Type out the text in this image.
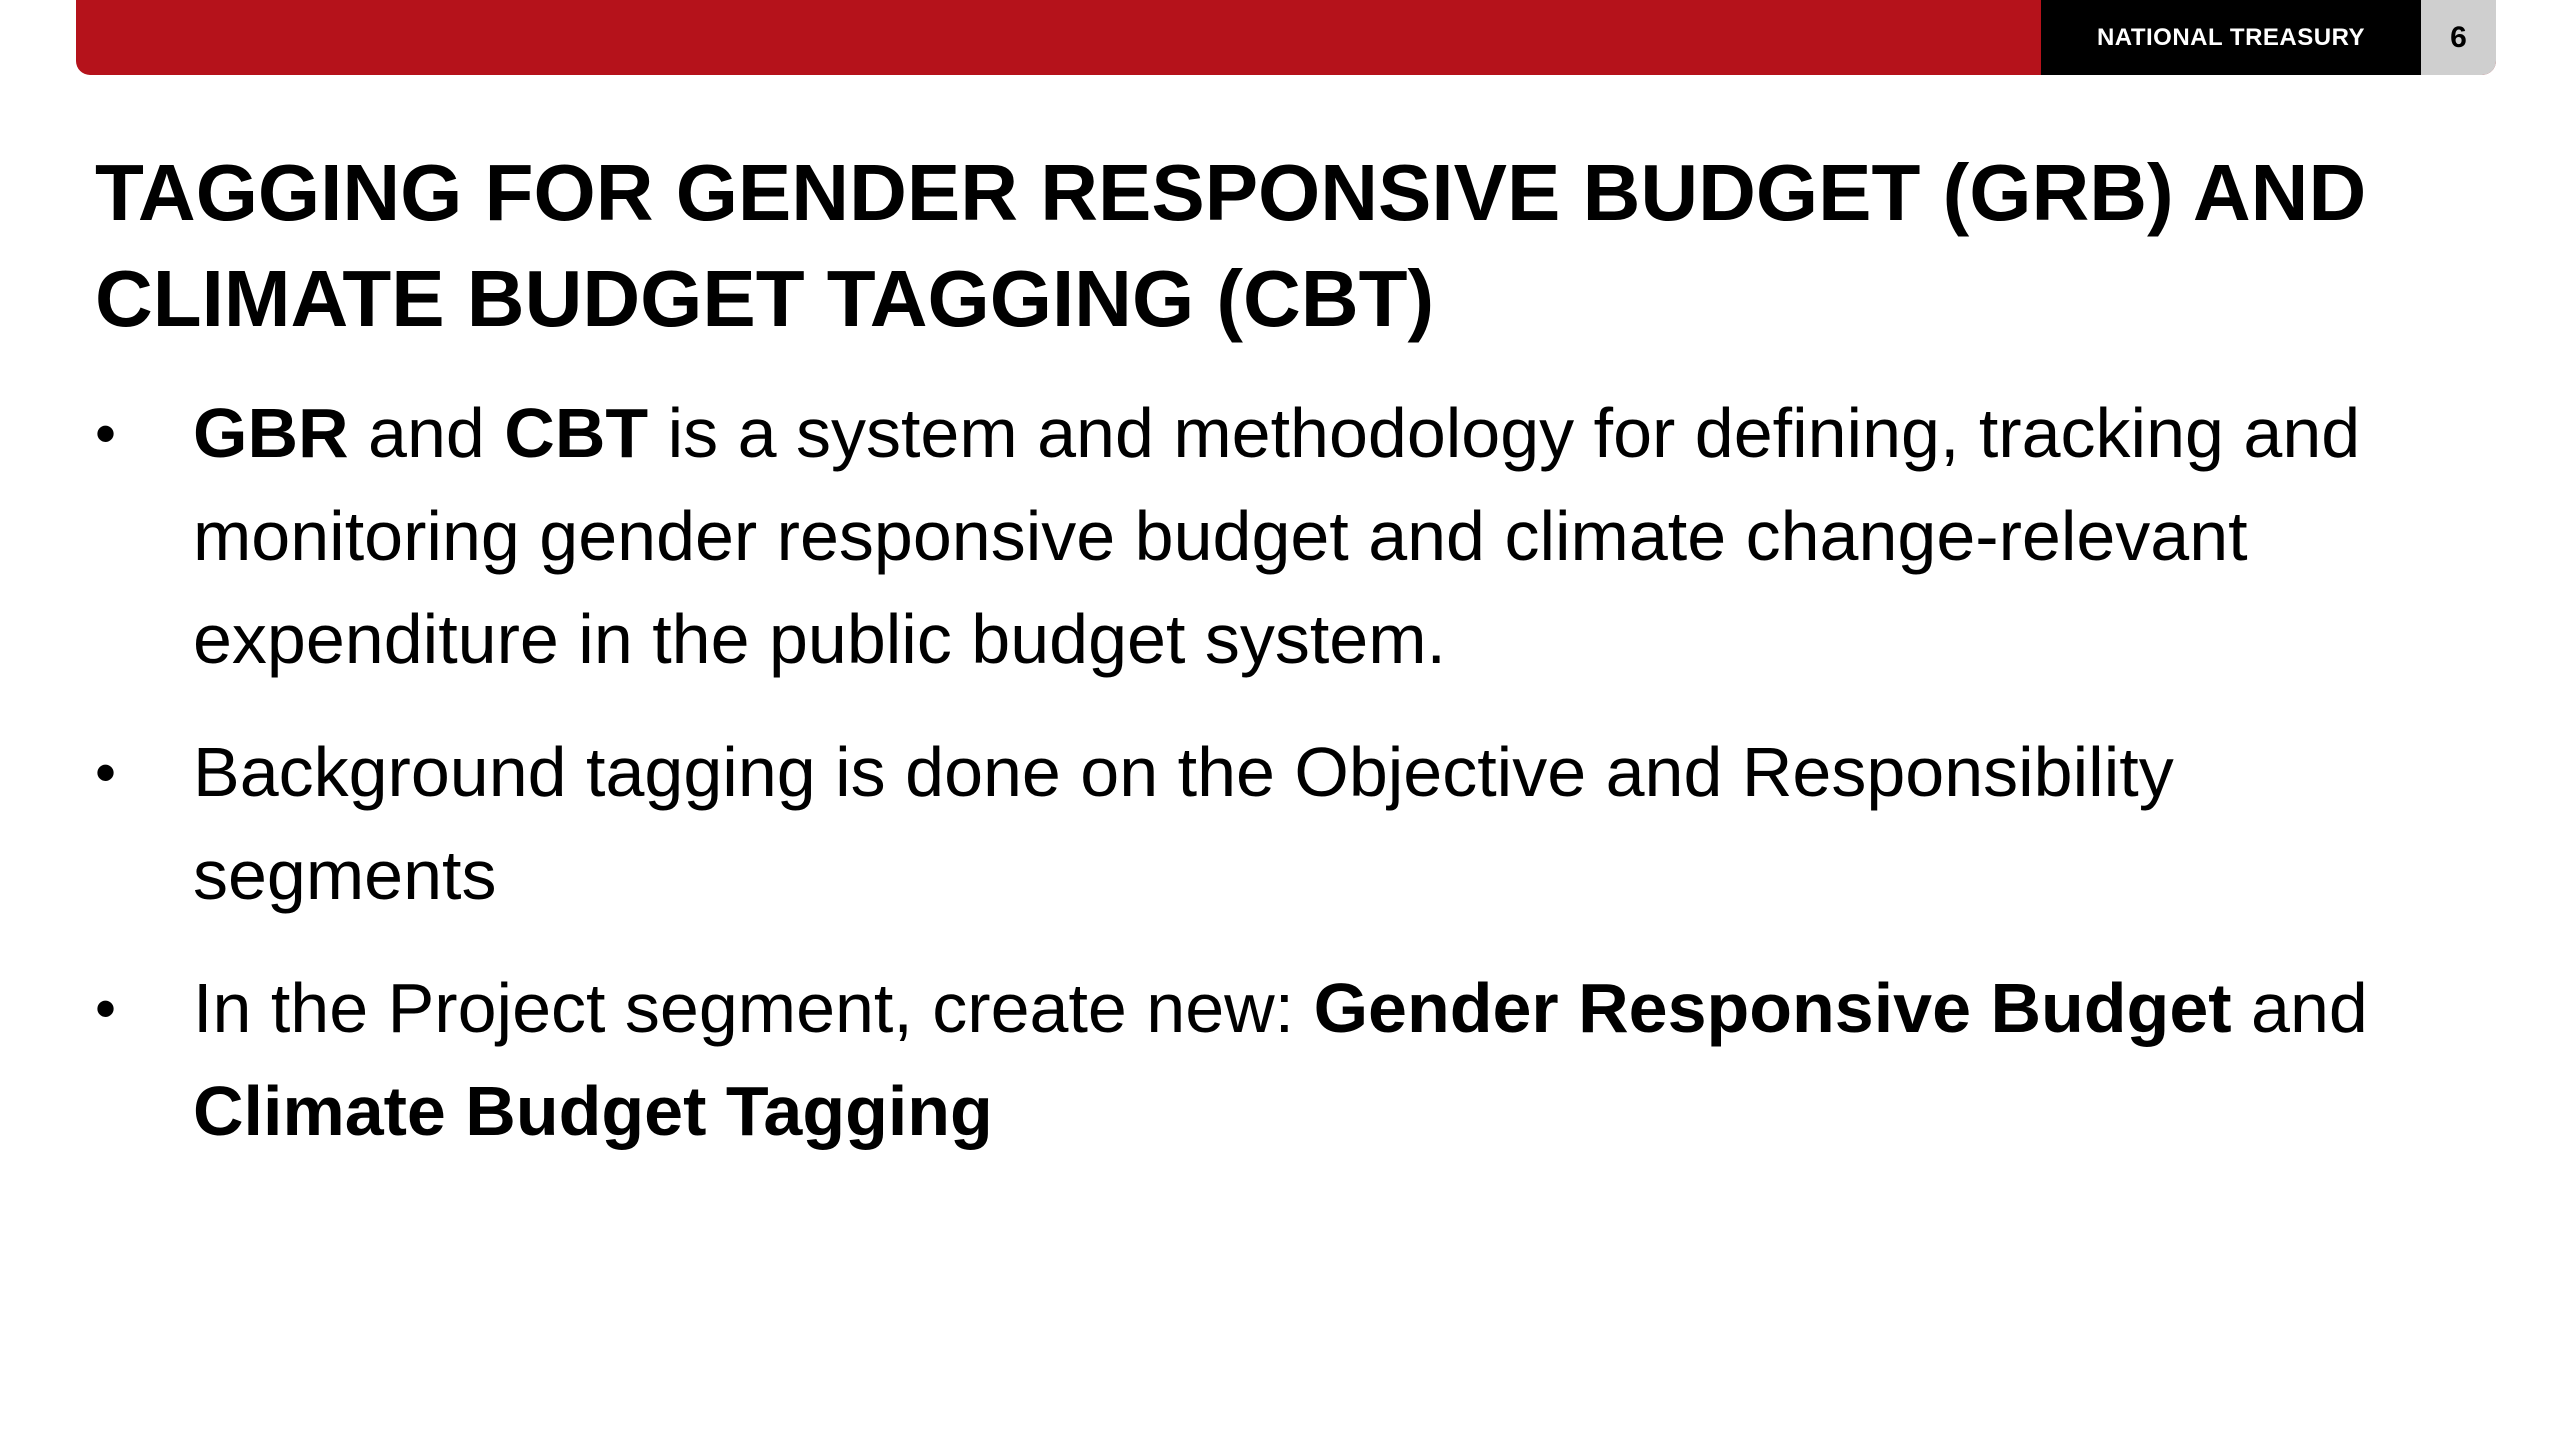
NATIONAL TREASURY	6
TAGGING FOR GENDER RESPONSIVE BUDGET (GRB) AND CLIMATE BUDGET TAGGING (CBT)
• GBR and CBT is a system and methodology for defining, tracking and monitoring gender responsive budget and climate change-relevant expenditure in the public budget system.
• Background tagging is done on the Objective and Responsibility segments
• In the Project segment, create new: Gender Responsive Budget and Climate Budget Tagging
